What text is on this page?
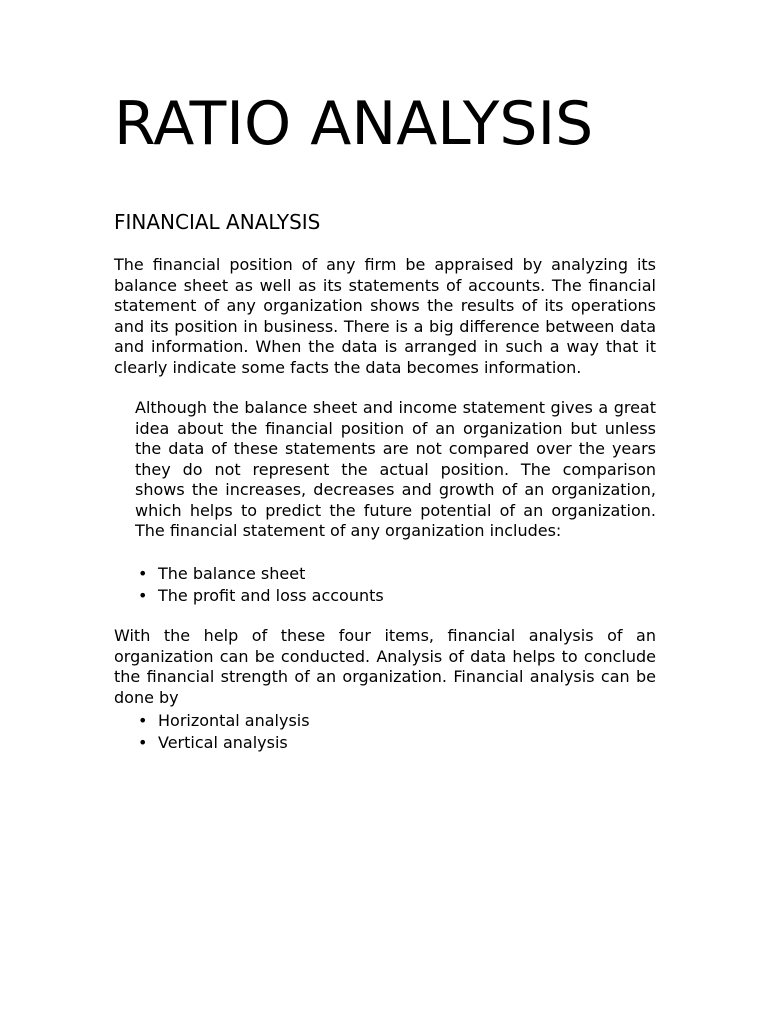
RATIO ANALYSIS
FINANCIAL ANALYSIS

The financial position of any firm be appraised by analyzing its balance sheet as well as its statements of accounts. The financial statement of any organization shows the results of its operations and its position in business. There is a big difference between data and information. When the data is arranged in such a way that it clearly indicate some facts the data becomes information.

Although the balance sheet and income statement gives a great idea about the financial position of an organization but unless the data of these statements are not compared over the years they do not represent the actual position. The comparison shows the increases, decreases and growth of an organization, which helps to predict the future potential of an organization. The financial statement of any organization includes:

• The balance sheet
• The profit and loss accounts

With the help of these four items, financial analysis of an organization can be conducted. Analysis of data helps to conclude the financial strength of an organization. Financial analysis can be done by

• Horizontal analysis
• Vertical analysis
